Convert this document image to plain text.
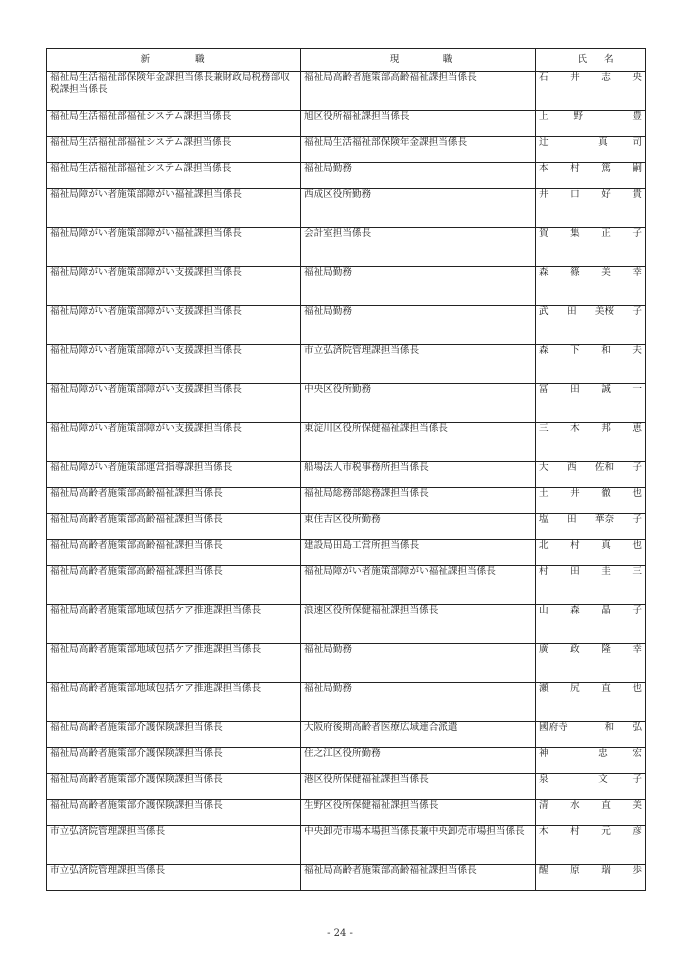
新 職	現 職	氏 名

福祉局生活福祉部保険年金課担当係長兼財政局税務部収税課担当係長	福祉局高齢者施策部高齢福祉課担当係長	石 井 志 央

福祉局生活福祉部福祉システム課担当係長	旭区役所福祉課担当係長	上 野 豊

福祉局生活福祉部福祉システム課担当係長	福祉局生活福祉部保険年金課担当係長	辻 真 司

福祉局生活福祉部福祉システム課担当係長	福祉局勤務	本 村 篤 嗣

福祉局障がい者施策部障がい福祉課担当係長	西成区役所勤務	井 口 好 貴

福祉局障がい者施策部障がい福祉課担当係長	会計室担当係長	賀 集 正 子

福祉局障がい者施策部障がい支援課担当係長	福祉局勤務	森 篠 美 幸

福祉局障がい者施策部障がい支援課担当係長	福祉局勤務	武 田 美桜 子

福祉局障がい者施策部障がい支援課担当係長	市立弘済院管理課担当係長	森 下 和 夫

福祉局障がい者施策部障がい支援課担当係長	中央区役所勤務	冨 田 誠 一

福祉局障がい者施策部障がい支援課担当係長	東淀川区役所保健福祉課担当係長	三 木 邦 恵

福祉局障がい者施策部運営指導課担当係長	船場法人市税事務所担当係長	大 西 佐和 子

福祉局高齢者施策部高齢福祉課担当係長	福祉局総務部総務課担当係長	土 井 徹 也

福祉局高齢者施策部高齢福祉課担当係長	東住吉区役所勤務	塩 田 華奈 子

福祉局高齢者施策部高齢福祉課担当係長	建設局田島工営所担当係長	北 村 真 也

福祉局高齢者施策部高齢福祉課担当係長	福祉局障がい者施策部障がい福祉課担当係長	村 田 圭 三

福祉局高齢者施策部地域包括ケア推進課担当係長	浪速区役所保健福祉課担当係長	山 森 晶 子

福祉局高齢者施策部地域包括ケア推進課担当係長	福祉局勤務	廣 政 隆 幸

福祉局高齢者施策部地域包括ケア推進課担当係長	福祉局勤務	瀬 尻 直 也

福祉局高齢者施策部介護保険課担当係長	大阪府後期高齢者医療広域連合派遣	國府寺 和 弘

福祉局高齢者施策部介護保険課担当係長	住之江区役所勤務	神 忠 宏

福祉局高齢者施策部介護保険課担当係長	港区役所保健福祉課担当係長	泉 文 子

福祉局高齢者施策部介護保険課担当係長	生野区役所保健福祉課担当係長	清 水 直 美

市立弘済院管理課担当係長	中央卸売市場本場担当係長兼中央卸売市場担当係長	木 村 元 彦

市立弘済院管理課担当係長	福祉局高齢者施策部高齢福祉課担当係長	醒 原 瑞 歩
- 24 -
